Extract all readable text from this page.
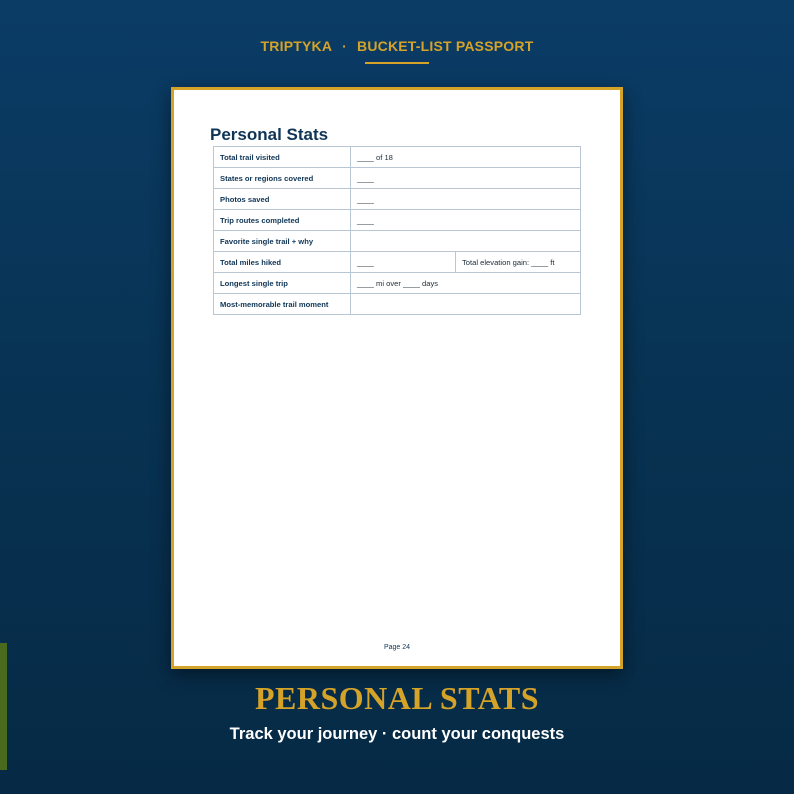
TRIPTYKA · BUCKET-LIST PASSPORT
Personal Stats
Total trail visited	____ of 18	
States or regions covered	____	
Photos saved	____	
Trip routes completed	____	
Favorite single trail + why		
Total miles hiked	____	Total elevation gain: ____ ft
Longest single trip	____ mi over ____ days	
Most-memorable trail moment		
Page 24
PERSONAL STATS
Track your journey · count your conquests
